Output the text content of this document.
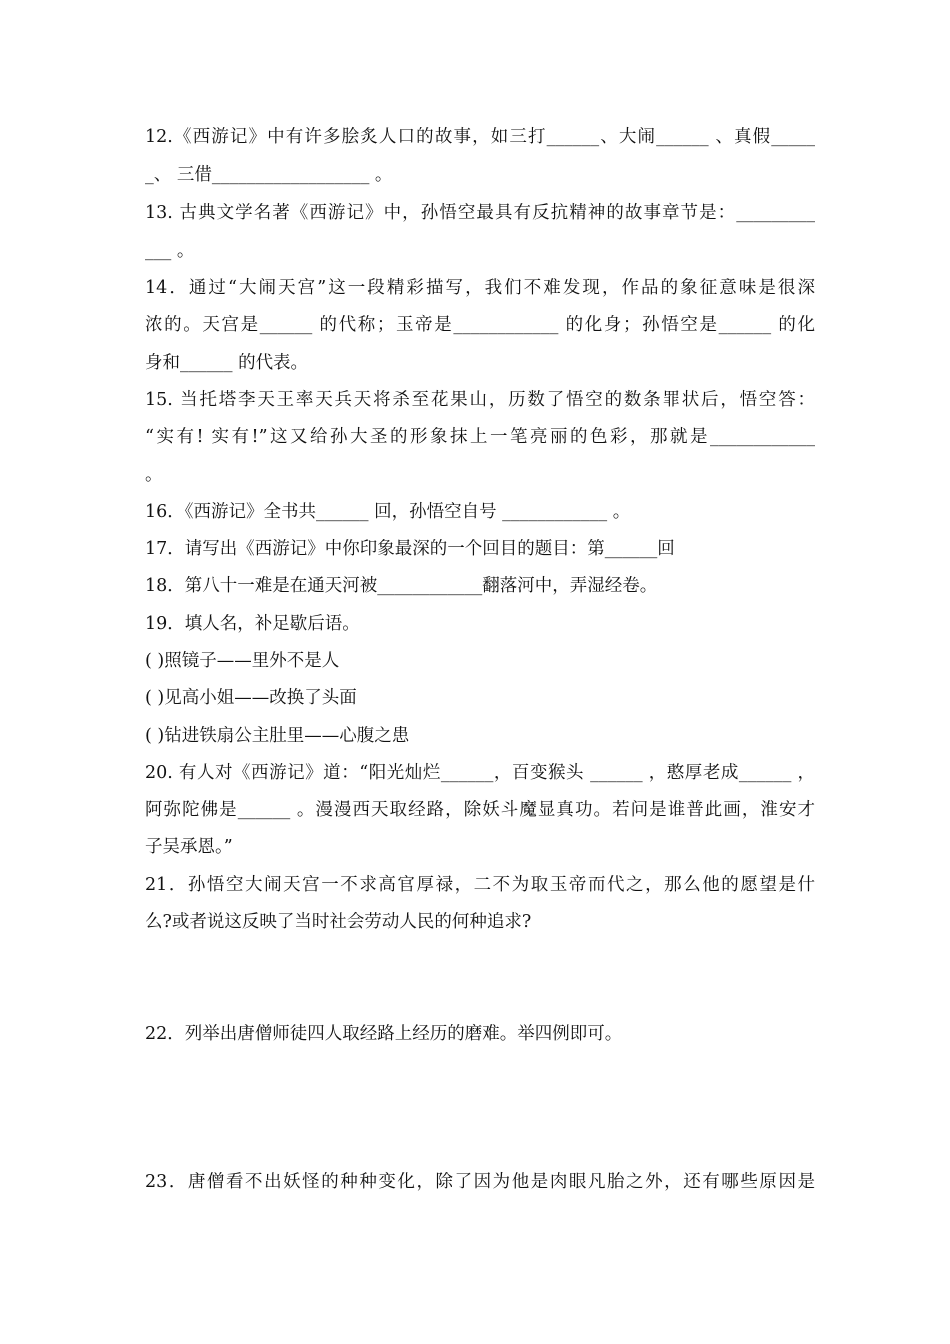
12.《西游记》中有许多脍炙人口的故事，如三打______、大闹______ 、真假_____
_、 三借__________________ 。
13. 古典文学名著《西游记》中，孙悟空最具有反抗精神的故事章节是：_________
___ 。
14．通过“大闹天宫”这一段精彩描写，我们不难发现，作品的象征意味是很深
浓的。天宫是______ 的代称；玉帝是____________ 的化身；孙悟空是______ 的化
身和______ 的代表。
15. 当托塔李天王率天兵天将杀至花果山，历数了悟空的数条罪状后，悟空答：
“实有! 实有!”这又给孙大圣的形象抹上一笔亮丽的色彩，那就是____________
。
16．《西游记》全书共______ 回，孙悟空自号 ____________ 。
17．请写出《西游记》中你印象最深的一个回目的题目：第______回
18．第八十一难是在通天河被____________翻落河中，弄湿经卷。
19．填人名，补足歇后语。
( )照镜子——里外不是人
( )见高小姐——改换了头面
( )钻进铁扇公主肚里——心腹之患
20. 有人对《西游记》道：“阳光灿烂______，百变猴头 ______ ，憨厚老成______ ，
阿弥陀佛是______ 。漫漫西天取经路，除妖斗魔显真功。若问是谁普此画，淮安才
子吴承恩。”
21．孙悟空大闹天宫一不求高官厚禄，二不为取玉帝而代之，那么他的愿望是什
么?或者说这反映了当时社会劳动人民的何种追求?
22．列举出唐僧师徒四人取经路上经历的磨难。举四例即可。
23．唐僧看不出妖怪的种种变化，除了因为他是肉眼凡胎之外，还有哪些原因是
